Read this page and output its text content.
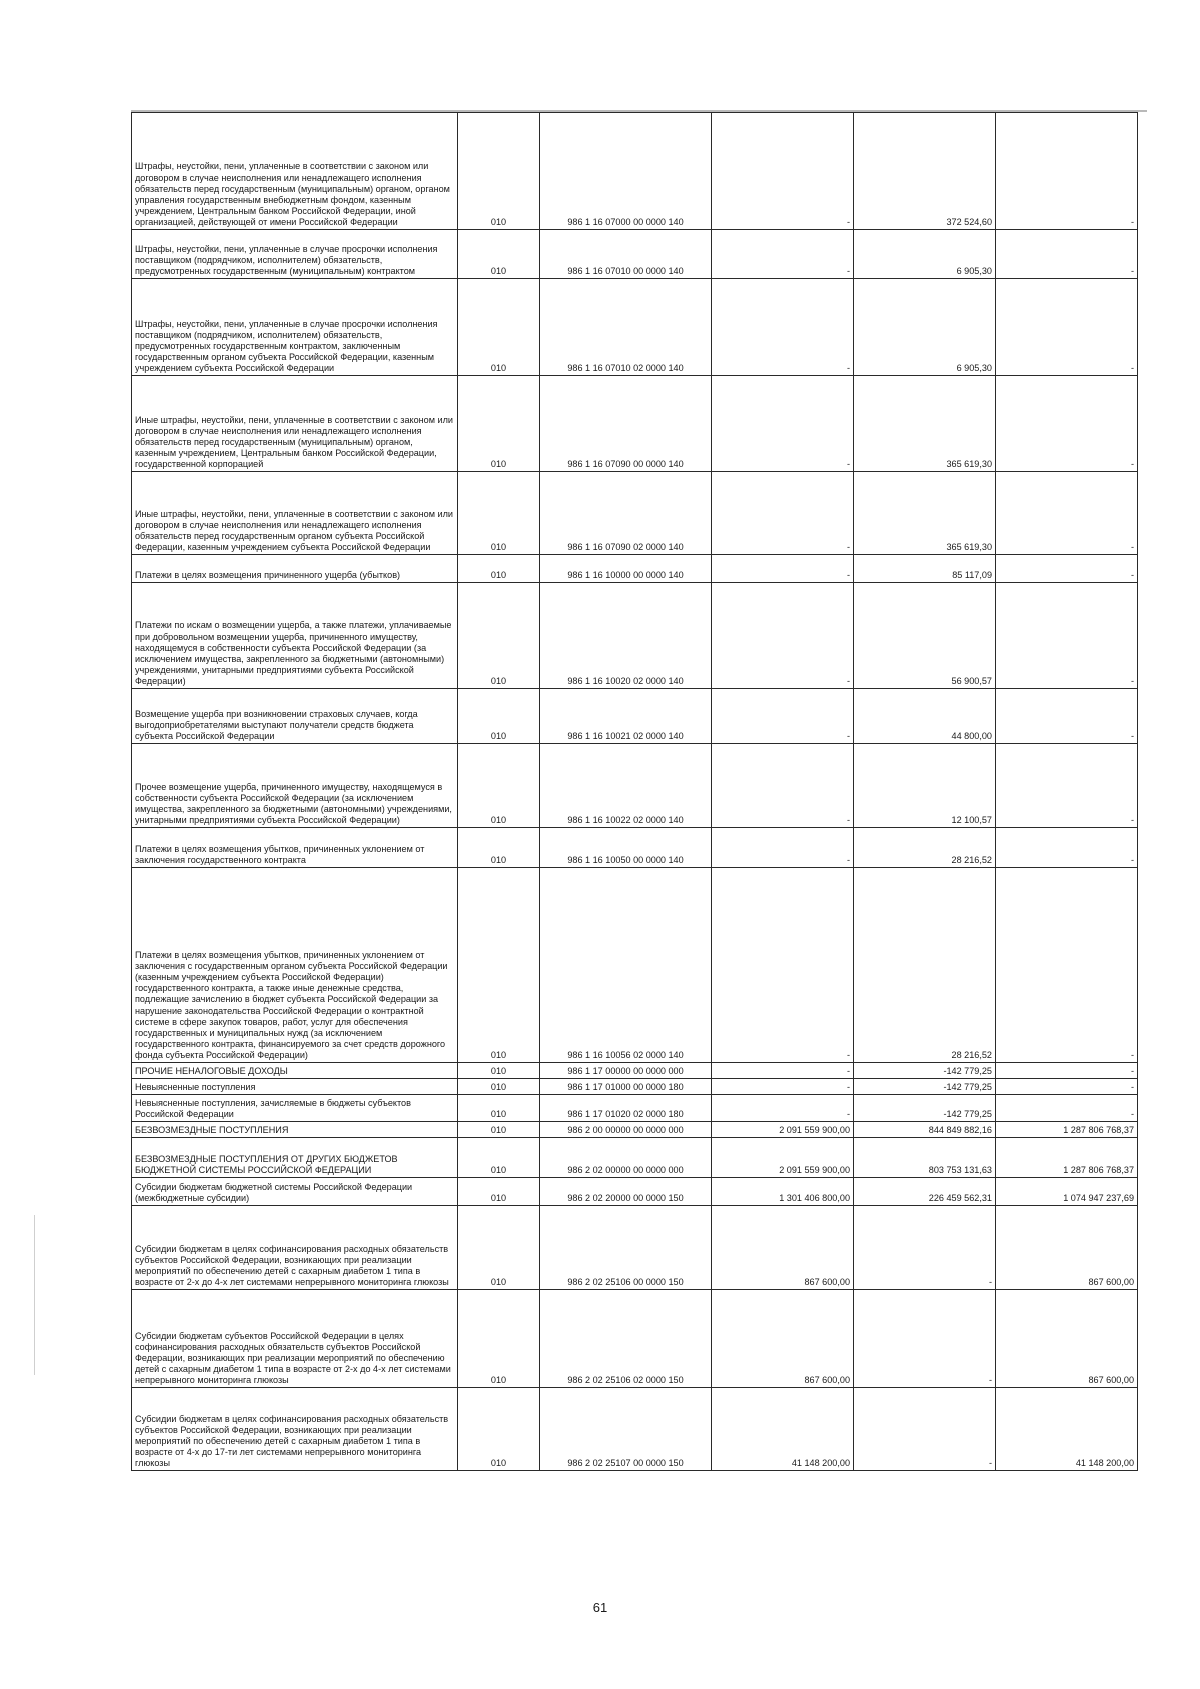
Штрафы, неустойки, пени, уплаченные в соответствии с законом или договором в случае неисполнения или ненадлежащего исполнения обязательств перед государственным (муниципальным) органом, органом управления государственным внебюджетным фондом, казенным учреждением, Центральным банком Российской Федерации, иной организацией, действующей от имени Российской Федерации	010	986 1 16 07000 00 0000 140	-	372 524,60	-
Штрафы, неустойки, пени, уплаченные в случае просрочки исполнения поставщиком (подрядчиком, исполнителем) обязательств, предусмотренных государственным (муниципальным) контрактом	010	986 1 16 07010 00 0000 140	-	6 905,30	-
Штрафы, неустойки, пени, уплаченные в случае просрочки исполнения поставщиком (подрядчиком, исполнителем) обязательств, предусмотренных государственным контрактом, заключенным государственным органом субъекта Российской Федерации, казенным учреждением субъекта Российской Федерации	010	986 1 16 07010 02 0000 140	-	6 905,30	-
Иные штрафы, неустойки, пени, уплаченные в соответствии с законом или договором в случае неисполнения или ненадлежащего исполнения обязательств перед государственным (муниципальным) органом, казенным учреждением, Центральным банком Российской Федерации, государственной корпорацией	010	986 1 16 07090 00 0000 140	-	365 619,30	-
Иные штрафы, неустойки, пени, уплаченные в соответствии с законом или договором в случае неисполнения или ненадлежащего исполнения обязательств перед государственным органом субъекта Российской Федерации, казенным учреждением субъекта Российской Федерации	010	986 1 16 07090 02 0000 140	-	365 619,30	-
Платежи в целях возмещения причиненного ущерба (убытков)	010	986 1 16 10000 00 0000 140	-	85 117,09	-
Платежи по искам о возмещении ущерба, а также платежи, уплачиваемые при добровольном возмещении ущерба, причиненного имуществу, находящемуся в собственности субъекта Российской Федерации (за исключением имущества, закрепленного за бюджетными (автономными) учреждениями, унитарными предприятиями субъекта Российской Федерации)	010	986 1 16 10020 02 0000 140	-	56 900,57	-
Возмещение ущерба при возникновении страховых случаев, когда выгодоприобретателями выступают получатели средств бюджета субъекта Российской Федерации	010	986 1 16 10021 02 0000 140	-	44 800,00	-
Прочее возмещение ущерба, причиненного имуществу, находящемуся в собственности субъекта Российской Федерации (за исключением имущества, закрепленного за бюджетными (автономными) учреждениями, унитарными предприятиями субъекта Российской Федерации)	010	986 1 16 10022 02 0000 140	-	12 100,57	-
Платежи в целях возмещения убытков, причиненных уклонением от заключения государственного контракта	010	986 1 16 10050 00 0000 140	-	28 216,52	-
Платежи в целях возмещения убытков, причиненных уклонением от заключения с государственным органом субъекта Российской Федерации (казенным учреждением субъекта Российской Федерации) государственного контракта, а также иные денежные средства, подлежащие зачислению в бюджет субъекта Российской Федерации за нарушение законодательства Российской Федерации о контрактной системе в сфере закупок товаров, работ, услуг для обеспечения государственных и муниципальных нужд (за исключением государственного контракта, финансируемого за счет средств дорожного фонда субъекта Российской Федерации)	010	986 1 16 10056 02 0000 140	-	28 216,52	-
ПРОЧИЕ НЕНАЛОГОВЫЕ ДОХОДЫ	010	986 1 17 00000 00 0000 000	-	-142 779,25	-
Невыясненные поступления	010	986 1 17 01000 00 0000 180	-	-142 779,25	-
Невыясненные поступления, зачисляемые в бюджеты субъектов Российской Федерации	010	986 1 17 01020 02 0000 180	-	-142 779,25	-
БЕЗВОЗМЕЗДНЫЕ ПОСТУПЛЕНИЯ	010	986 2 00 00000 00 0000 000	2 091 559 900,00	844 849 882,16	1 287 806 768,37
БЕЗВОЗМЕЗДНЫЕ ПОСТУПЛЕНИЯ ОТ ДРУГИХ БЮДЖЕТОВ БЮДЖЕТНОЙ СИСТЕМЫ РОССИЙСКОЙ ФЕДЕРАЦИИ	010	986 2 02 00000 00 0000 000	2 091 559 900,00	803 753 131,63	1 287 806 768,37
Субсидии бюджетам бюджетной системы Российской Федерации (межбюджетные субсидии)	010	986 2 02 20000 00 0000 150	1 301 406 800,00	226 459 562,31	1 074 947 237,69
Субсидии бюджетам в целях софинансирования расходных обязательств субъектов Российской Федерации, возникающих при реализации мероприятий по обеспечению детей с сахарным диабетом 1 типа в возрасте от 2-х до 4-х лет системами непрерывного мониторинга глюкозы	010	986 2 02 25106 00 0000 150	867 600,00	-	867 600,00
Субсидии бюджетам субъектов Российской Федерации в целях софинансирования расходных обязательств субъектов Российской Федерации, возникающих при реализации мероприятий по обеспечению детей с сахарным диабетом 1 типа в возрасте от 2-х до 4-х лет системами непрерывного мониторинга глюкозы	010	986 2 02 25106 02 0000 150	867 600,00	-	867 600,00
Субсидии бюджетам в целях софинансирования расходных обязательств субъектов Российской Федерации, возникающих при реализации мероприятий по обеспечению детей с сахарным диабетом 1 типа в возрасте от 4-х до 17-ти лет системами непрерывного мониторинга глюкозы	010	986 2 02 25107 00 0000 150	41 148 200,00	-	41 148 200,00
61
